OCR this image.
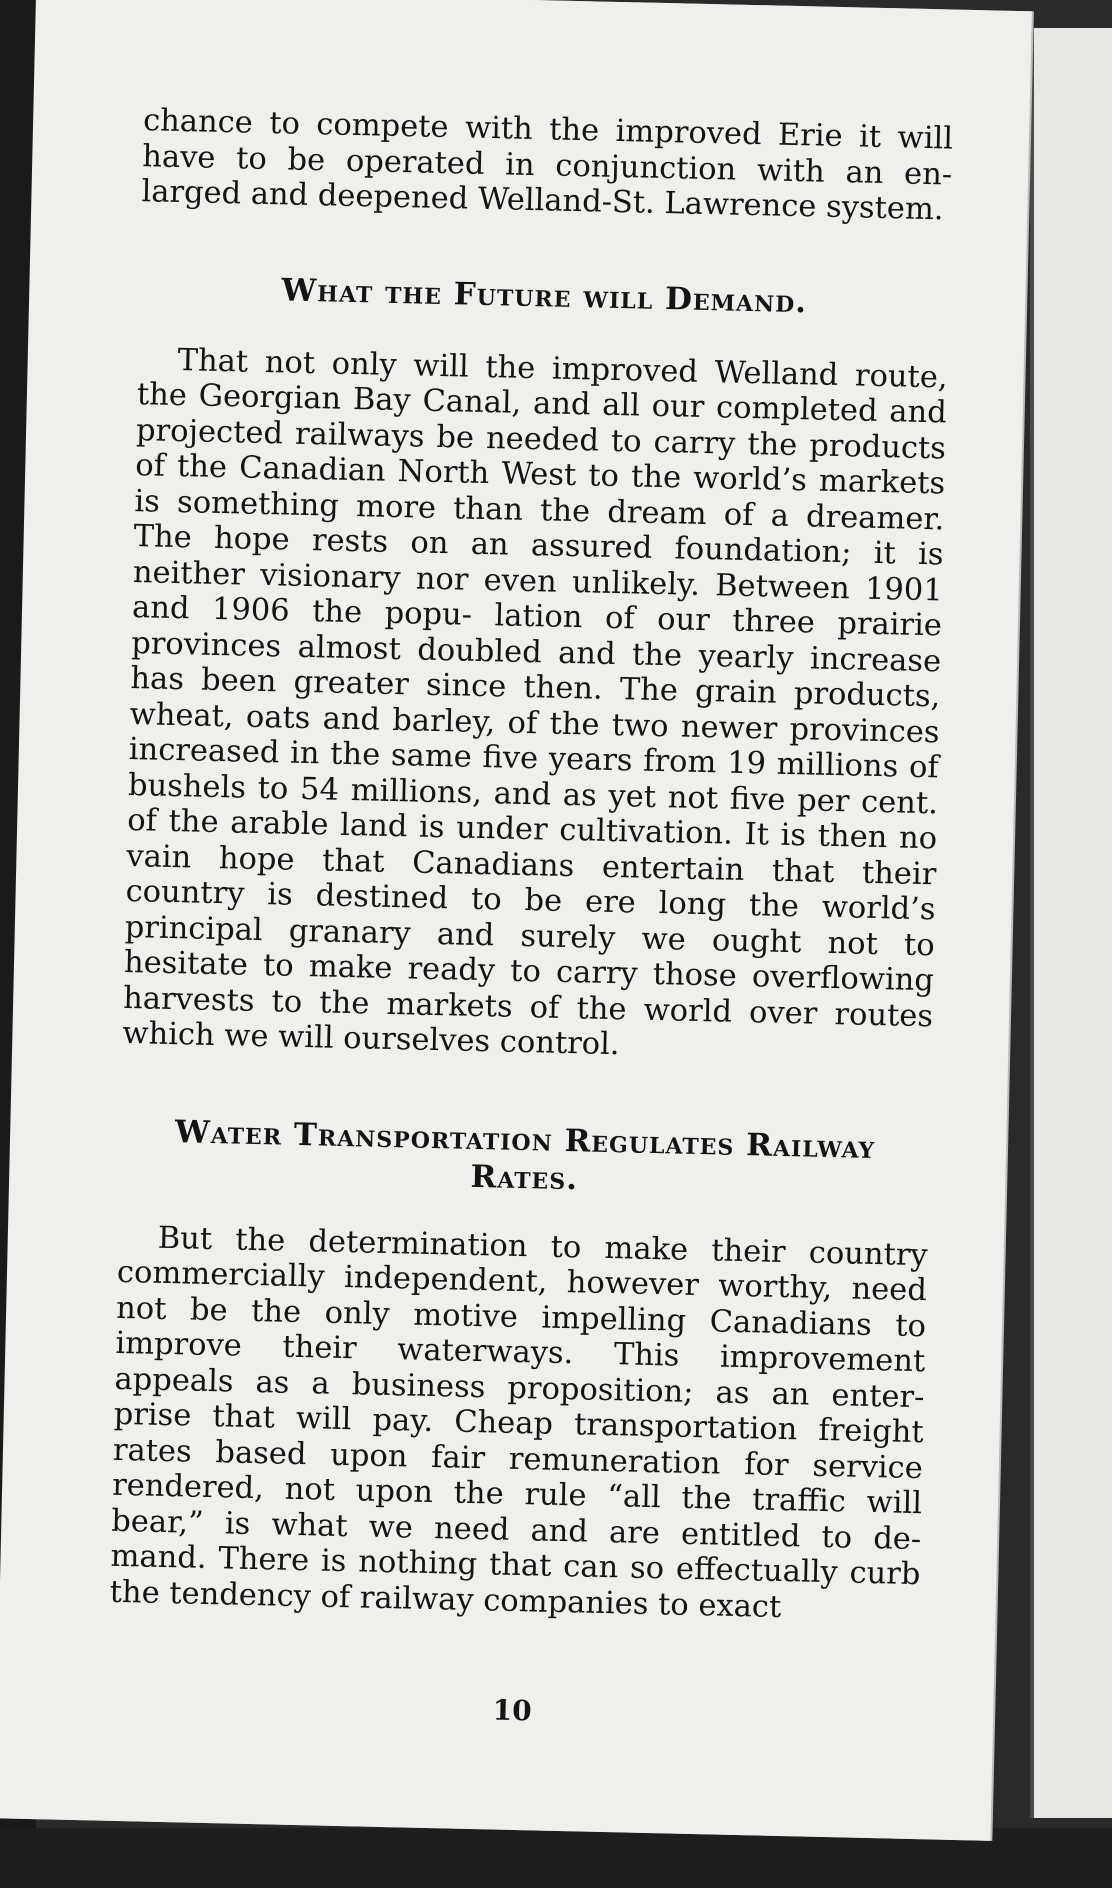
chance to compete with the improved Erie it will have to be operated in conjunction with an en- larged and deepened Welland-St. Lawrence system.

What the Future will Demand.

That not only will the improved Welland route, the Georgian Bay Canal, and all our completed and projected railways be needed to carry the products of the Canadian North West to the world’s markets is something more than the dream of a dreamer. The hope rests on an assured foundation; it is neither visionary nor even unlikely. Between 1901 and 1906 the popu- lation of our three prairie provinces almost doubled and the yearly increase has been greater since then. The grain products, wheat, oats and barley, of the two newer provinces increased in the same five years from 19 millions of bushels to 54 millions, and as yet not five per cent. of the arable land is under cultivation. It is then no vain hope that Canadians entertain that their country is destined to be ere long the world’s principal granary and surely we ought not to hesitate to make ready to carry those overflowing harvests to the markets of the world over routes which we will ourselves control.

Water Transportation Regulates Railway Rates.

But the determination to make their country commercially independent, however worthy, need not be the only motive impelling Canadians to improve their waterways. This improvement appeals as a business proposition; as an enter- prise that will pay. Cheap transportation freight rates based upon fair remuneration for service rendered, not upon the rule “all the traffic will bear,” is what we need and are entitled to de- mand. There is nothing that can so effectually curb the tendency of railway companies to exact

10
